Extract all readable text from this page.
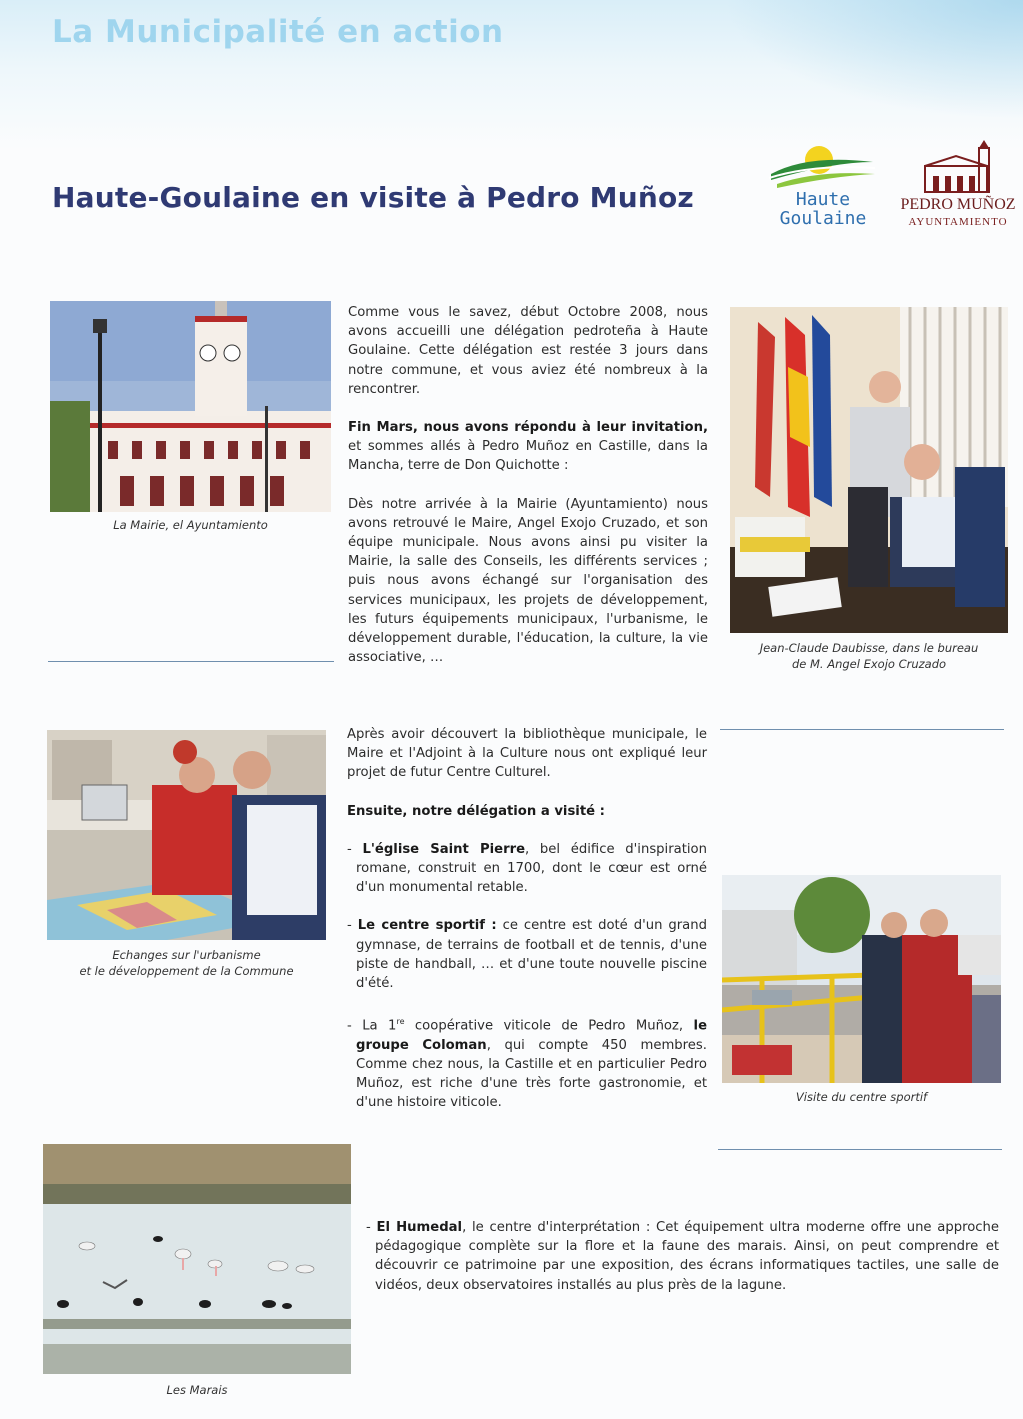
La Municipalité en action
Haute-Goulaine en visite à Pedro Muñoz	Haute
Goulaine
PEDRO MUÑOZ
AYUNTAMIENTO
La Mairie, el Ayuntamiento
Jean-Claude Daubisse, dans le bureau
de M. Angel Exojo Cruzado
Echanges sur l'urbanisme
et le développement de la Commune
Visite du centre sportif
Les Marais

Comme vous le savez, début Octobre 2008, nous avons accueilli une délégation pedroteña à Haute Goulaine. Cette délégation est restée 3 jours dans notre commune, et vous aviez été nombreux à la rencontrer.

Fin Mars, nous avons répondu à leur invitation, et sommes allés à Pedro Muñoz en Castille, dans la Mancha, terre de Don Quichotte :

Dès notre arrivée à la Mairie (Ayuntamiento) nous avons retrouvé le Maire, Angel Exojo Cruzado, et son équipe municipale. Nous avons ainsi pu visiter la Mairie, la salle des Conseils, les différents services ; puis nous avons échangé sur l'organisation des services municipaux, les projets de développement, les futurs équipements municipaux, l'urbanisme, le développement durable, l'éducation, la culture, la vie associative, …

Après avoir découvert la bibliothèque municipale, le Maire et l'Adjoint à la Culture nous ont expliqué leur projet de futur Centre Culturel.

Ensuite, notre délégation a visité :

- L'église Saint Pierre, bel édifice d'inspiration romane, construit en 1700, dont le cœur est orné d'un monumental retable.

- Le centre sportif : ce centre est doté d'un grand gymnase, de terrains de football et de tennis, d'une piste de handball, … et d'une toute nouvelle piscine d'été.

- La 1re coopérative viticole de Pedro Muñoz, le groupe Coloman, qui compte 450 membres. Comme chez nous, la Castille et en particulier Pedro Muñoz, est riche d'une très forte gastronomie, et d'une histoire viticole.

- El Humedal, le centre d'interprétation : Cet équipement ultra moderne offre une approche pédagogique complète sur la flore et la faune des marais. Ainsi, on peut comprendre et découvrir ce patrimoine par une exposition, des écrans informatiques tactiles, une salle de vidéos, deux observatoires installés au plus près de la lagune.
